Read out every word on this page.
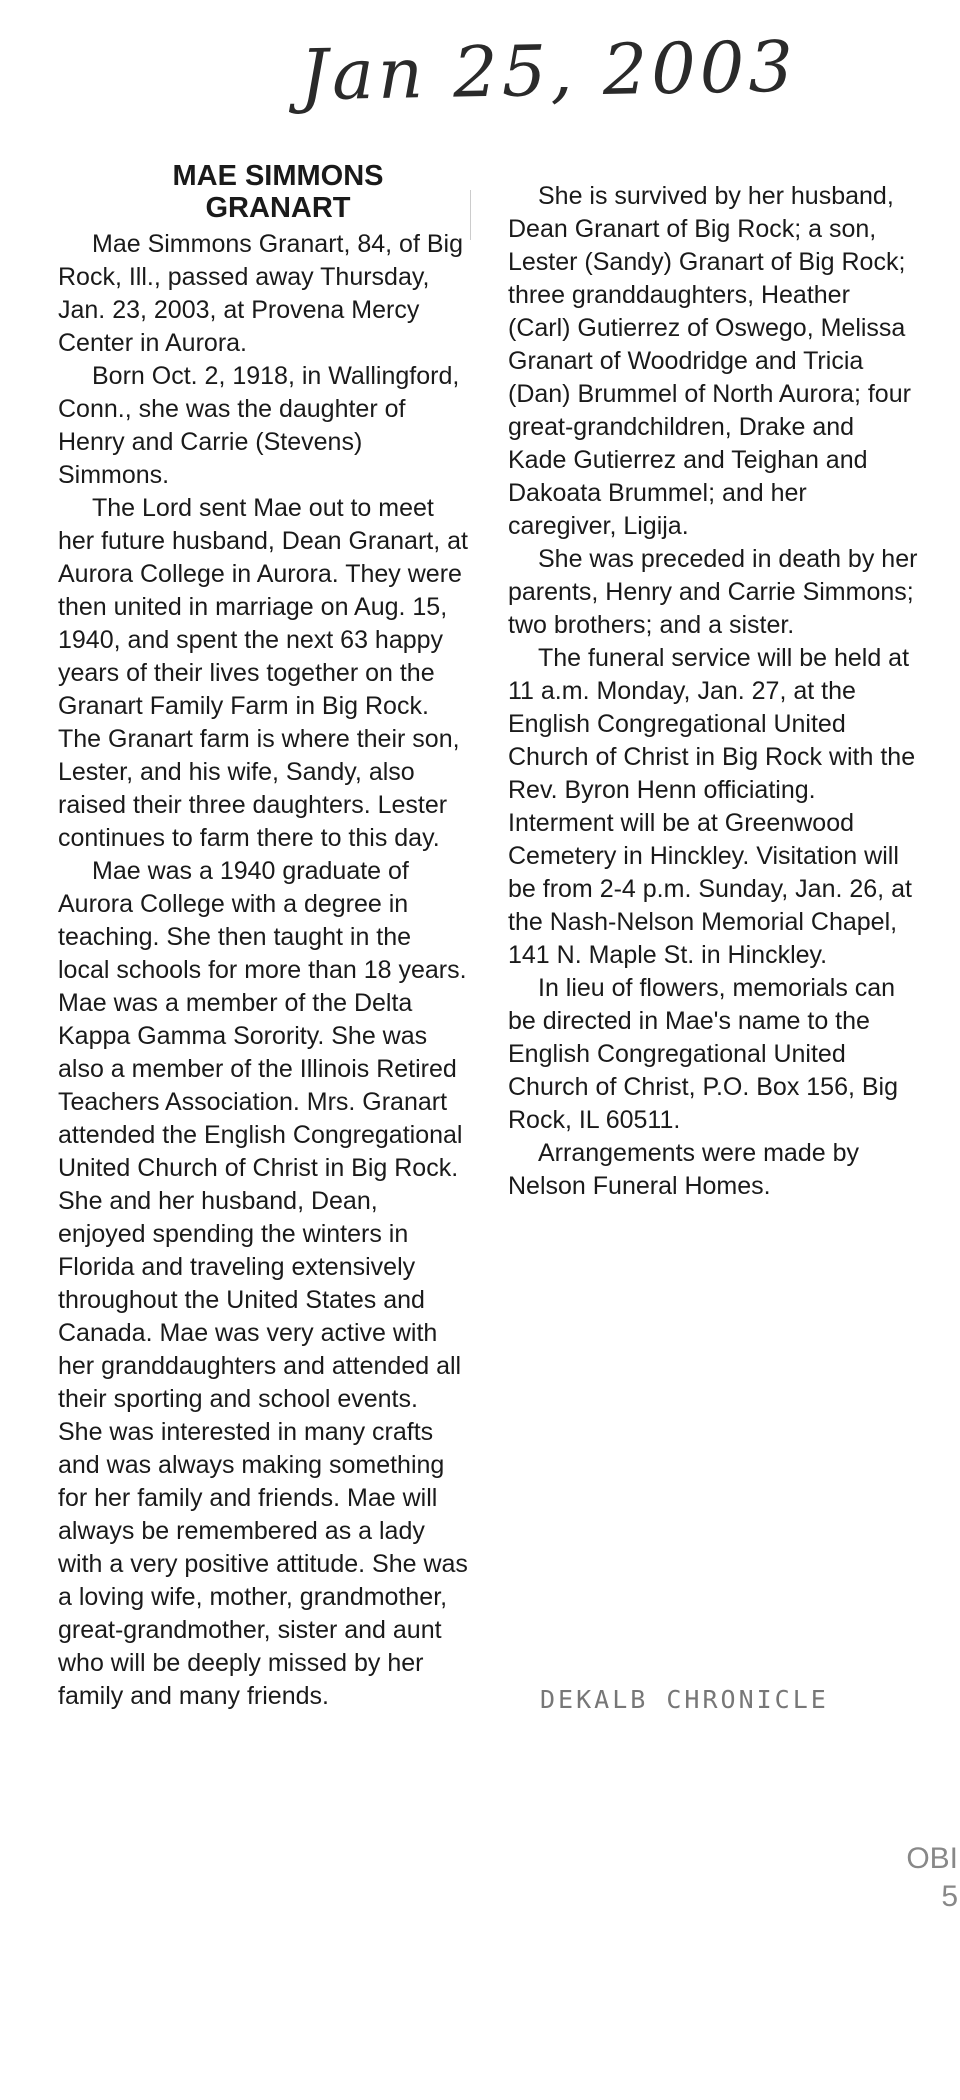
Jan 25, 2003
MAE SIMMONS
GRANART

Mae Simmons Granart, 84, of Big Rock, Ill., passed away Thursday, Jan. 23, 2003, at Provena Mercy Center in Aurora.

Born Oct. 2, 1918, in Wallingford, Conn., she was the daughter of Henry and Carrie (Stevens) Simmons.

The Lord sent Mae out to meet her future husband, Dean Granart, at Aurora College in Aurora. They were then united in marriage on Aug. 15, 1940, and spent the next 63 happy years of their lives together on the Granart Family Farm in Big Rock. The Granart farm is where their son, Lester, and his wife, Sandy, also raised their three daughters. Lester continues to farm there to this day.

Mae was a 1940 graduate of Aurora College with a degree in teaching. She then taught in the local schools for more than 18 years. Mae was a member of the Delta Kappa Gamma Sorority. She was also a member of the Illinois Retired Teachers Association. Mrs. Granart attended the English Congregational United Church of Christ in Big Rock. She and her husband, Dean, enjoyed spending the winters in Florida and traveling extensively throughout the United States and Canada. Mae was very active with her granddaughters and attended all their sporting and school events. She was interested in many crafts and was always making something for her family and friends. Mae will always be remembered as a lady with a very positive attitude. She was a loving wife, mother, grandmother, great-grandmother, sister and aunt who will be deeply missed by her family and many friends.

She is survived by her husband, Dean Granart of Big Rock; a son, Lester (Sandy) Granart of Big Rock; three granddaughters, Heather (Carl) Gutierrez of Oswego, Melissa Granart of Woodridge and Tricia (Dan) Brummel of North Aurora; four great-grandchildren, Drake and Kade Gutierrez and Teighan and Dakoata Brummel; and her caregiver, Ligija.

She was preceded in death by her parents, Henry and Carrie Simmons; two brothers; and a sister.

The funeral service will be held at 11 a.m. Monday, Jan. 27, at the English Congregational United Church of Christ in Big Rock with the Rev. Byron Henn officiating. Interment will be at Greenwood Cemetery in Hinckley. Visitation will be from 2-4 p.m. Sunday, Jan. 26, at the Nash-Nelson Memorial Chapel, 141 N. Maple St. in Hinckley.

In lieu of flowers, memorials can be directed in Mae's name to the English Congregational United Church of Christ, P.O. Box 156, Big Rock, IL 60511.

Arrangements were made by Nelson Funeral Homes.

DEKALB CHRONICLE
OBI
5
